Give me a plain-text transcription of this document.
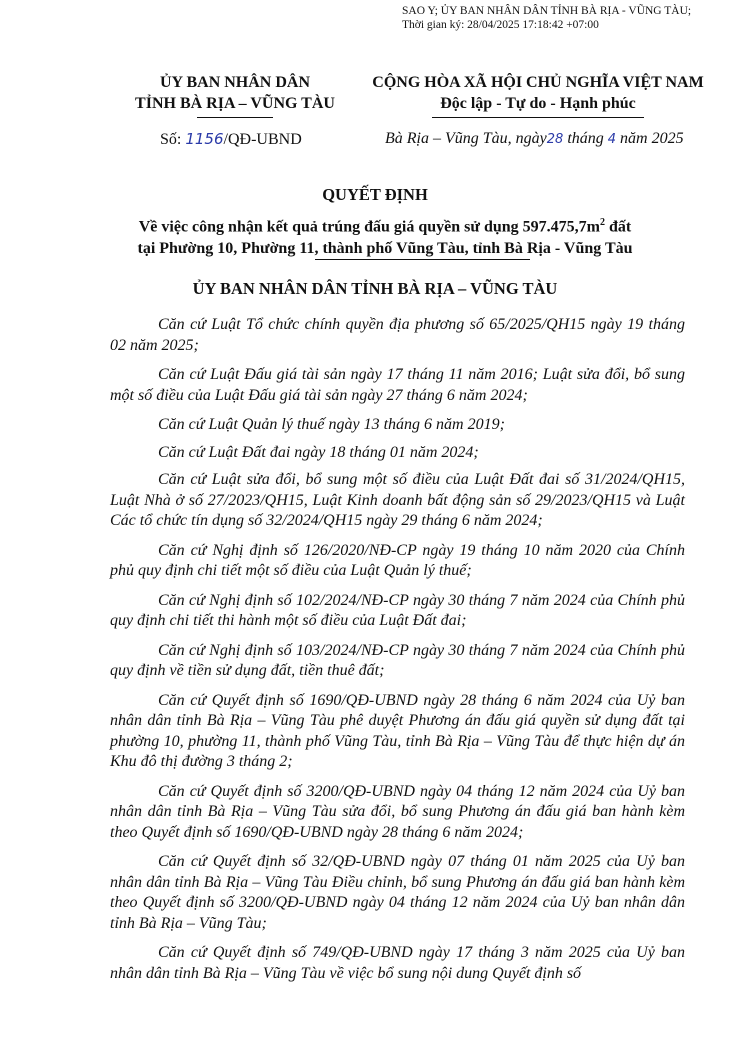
SAO Y; ỦY BAN NHÂN DÂN TỈNH BÀ RỊA - VŨNG TÀU;
Thời gian ký: 28/04/2025 17:18:42 +07:00
ỦY BAN NHÂN DÂN
TỈNH BÀ RỊA – VŨNG TÀU
CỘNG HÒA XÃ HỘI CHỦ NGHĨA VIỆT NAM
Độc lập - Tự do - Hạnh phúc
Số: 1156/QĐ-UBND	Bà Rịa – Vũng Tàu, ngày28 tháng 4 năm 2025
QUYẾT ĐỊNH
Về việc công nhận kết quả trúng đấu giá quyền sử dụng $597.475,7m^2$ đất
tại Phường 10, Phường 11, thành phố Vũng Tàu, tỉnh Bà Rịa - Vũng Tàu
ỦY BAN NHÂN DÂN TỈNH BÀ RỊA – VŨNG TÀU

Căn cứ Luật Tổ chức chính quyền địa phương số 65/2025/QH15 ngày 19 tháng 02 năm 2025;

Căn cứ Luật Đấu giá tài sản ngày 17 tháng 11 năm 2016; Luật sửa đổi, bổ sung một số điều của Luật Đấu giá tài sản ngày 27 tháng 6 năm 2024;

Căn cứ Luật Quản lý thuế ngày 13 tháng 6 năm 2019;

Căn cứ Luật Đất đai ngày 18 tháng 01 năm 2024;

Căn cứ Luật sửa đổi, bổ sung một số điều của Luật Đất đai số 31/2024/QH15, Luật Nhà ở số 27/2023/QH15, Luật Kinh doanh bất động sản số 29/2023/QH15 và Luật Các tổ chức tín dụng số 32/2024/QH15 ngày 29 tháng 6 năm 2024;

Căn cứ Nghị định số 126/2020/NĐ-CP ngày 19 tháng 10 năm 2020 của Chính phủ quy định chi tiết một số điều của Luật Quản lý thuế;

Căn cứ Nghị định số 102/2024/NĐ-CP ngày 30 tháng 7 năm 2024 của Chính phủ quy định chi tiết thi hành một số điều của Luật Đất đai;

Căn cứ Nghị định số 103/2024/NĐ-CP ngày 30 tháng 7 năm 2024 của Chính phủ quy định về tiền sử dụng đất, tiền thuê đất;

Căn cứ Quyết định số 1690/QĐ-UBND ngày 28 tháng 6 năm 2024 của Uỷ ban nhân dân tỉnh Bà Rịa – Vũng Tàu phê duyệt Phương án đấu giá quyền sử dụng đất tại phường 10, phường 11, thành phố Vũng Tàu, tỉnh Bà Rịa – Vũng Tàu để thực hiện dự án Khu đô thị đường 3 tháng 2;

Căn cứ Quyết định số 3200/QĐ-UBND ngày 04 tháng 12 năm 2024 của Uỷ ban nhân dân tỉnh Bà Rịa – Vũng Tàu sửa đổi, bổ sung Phương án đấu giá ban hành kèm theo Quyết định số 1690/QĐ-UBND ngày 28 tháng 6 năm 2024;

Căn cứ Quyết định số 32/QĐ-UBND ngày 07 tháng 01 năm 2025 của Uỷ ban nhân dân tỉnh Bà Rịa – Vũng Tàu Điều chỉnh, bổ sung Phương án đấu giá ban hành kèm theo Quyết định số 3200/QĐ-UBND ngày 04 tháng 12 năm 2024 của Uỷ ban nhân dân tỉnh Bà Rịa – Vũng Tàu;

Căn cứ Quyết định số 749/QĐ-UBND ngày 17 tháng 3 năm 2025 của Uỷ ban nhân dân tỉnh Bà Rịa – Vũng Tàu về việc bổ sung nội dung Quyết định số
